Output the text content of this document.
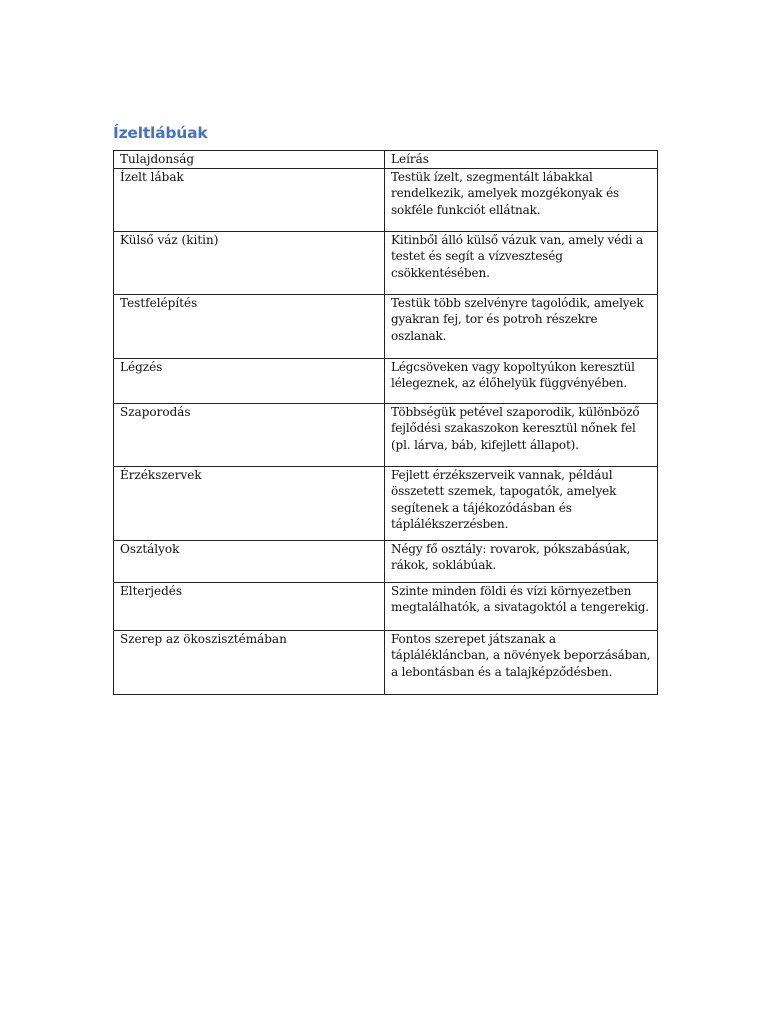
Ízeltlábúak
Tulajdonság	Leírás
Ízelt lábak	Testük ízelt, szegmentált lábakkal rendelkezik, amelyek mozgékonyak és sokféle funkciót ellátnak.
Külső váz (kitin)	Kitinből álló külső vázuk van, amely védi a testet és segít a vízveszteség csökkentésében.
Testfelépítés	Testük több szelvényre tagolódik, amelyek gyakran fej, tor és potroh részekre oszlanak.
Légzés	Légcsöveken vagy kopoltyúkon keresztül lélegeznek, az élőhelyük függvényében.
Szaporodás	Többségük petével szaporodik, különböző fejlődési szakaszokon keresztül nőnek fel (pl. lárva, báb, kifejlett állapot).
Érzékszervek	Fejlett érzékszerveik vannak, például összetett szemek, tapogatók, amelyek segítenek a tájékozódásban és táplálékszerzésben.
Osztályok	Négy fő osztály: rovarok, pókszabásúak, rákok, soklábúak.
Elterjedés	Szinte minden földi és vízi környezetben megtalálhatók, a sivatagoktól a tengerekig.
Szerep az ökoszisztémában	Fontos szerepet játszanak a táplálékláncban, a növények beporzásában, a lebontásban és a talajképződésben.
